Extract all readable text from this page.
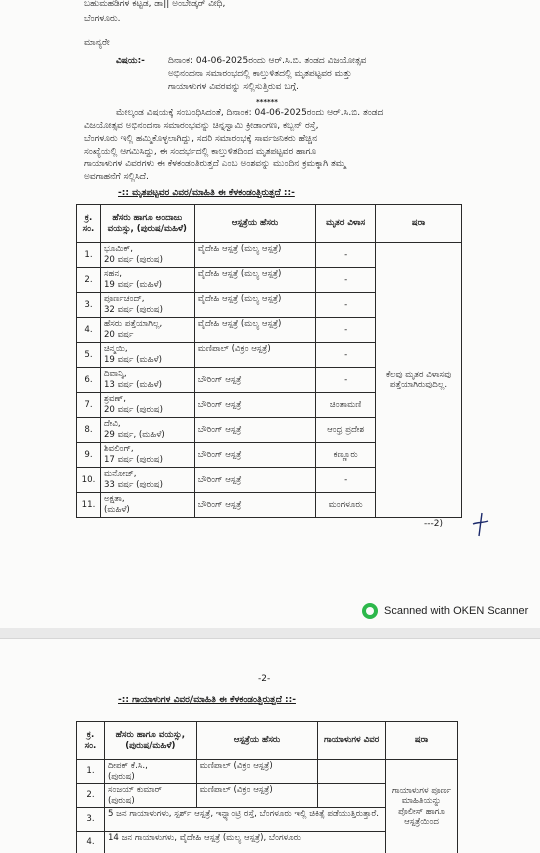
ಬಹುಮಹಡಿಗಳ ಕಟ್ಟಡ, ಡಾ|| ಅಂಬೇಡ್ಕರ್ ವೀಧಿ,
ಬೆಂಗಳೂರು.
ಮಾನ್ಯರೇ
ವಿಷಯ:-	ದಿನಾಂಕ: 04-06-2025ರಂದು ಆರ್.ಸಿ.ಬಿ. ತಂಡದ ವಿಜಯೋತ್ಸವ
ಅಭಿನಂದನಾ ಸಮಾರಂಭದಲ್ಲಿ ಕಾಲ್ತುಳಿತದಲ್ಲಿ ಮೃತಪಟ್ಟವರ ಮತ್ತು
ಗಾಯಾಳುಗಳ ವಿವರವನ್ನು ಸಲ್ಲಿಸುತ್ತಿರುವ ಬಗ್ಗೆ.
******
ಮೇಲ್ಕಂಡ ವಿಷಯಕ್ಕೆ ಸಂಬಂಧಿಸಿದಂತೆ, ದಿನಾಂಕ: 04-06-2025ರಂದು ಆರ್.ಸಿ.ಬಿ. ತಂಡದ
ವಿಜಯೋತ್ಸವ ಅಭಿನಂದನಾ ಸಮಾರಂಭವನ್ನು ಚಿನ್ನಸ್ವಾಮಿ ಕ್ರೀಡಾಂಗಣ, ಕಬ್ಬನ್ ರಸ್ತೆ,
ಬೆಂಗಳೂರು ಇಲ್ಲಿ ಹಮ್ಮಿಕೊಳ್ಳಲಾಗಿದ್ದು, ಸದರಿ ಸಮಾರಂಭಕ್ಕೆ ಸಾರ್ವಜನಿಕರು ಹೆಚ್ಚಿನ
ಸಂಖ್ಯೆಯಲ್ಲಿ ಆಗಮಿಸಿದ್ದು, ಈ ಸಂದರ್ಭದಲ್ಲಿ ಕಾಲ್ತುಳಿತದಿಂದ ಮೃತಪಟ್ಟವರ ಹಾಗೂ
ಗಾಯಾಳುಗಳ ವಿವರಗಳು ಈ ಕೆಳಕಂಡಂತಿರುತ್ತದೆ ಎಂಬ ಅಂಶವನ್ನು ಮುಂದಿನ ಕ್ರಮಕ್ಕಾಗಿ ತಮ್ಮ
ಅವಗಾಹನೆಗೆ ಸಲ್ಲಿಸಿದೆ.
-:: ಮೃತಪಟ್ಟವರ ವಿವರ/ಮಾಹಿತಿ ಈ ಕೆಳಕಂಡಂತ್ತಿರುತ್ತದೆ ::-
ಕ್ರ. ಸಂ.	ಹೆಸರು ಹಾಗೂ ಅಂದಾಜು ವಯಸ್ಸು, (ಪುರುಷ/ಮಹಿಳೆ)	ಆಸ್ಪತ್ರೆಯ ಹೆಸರು	ಮೃತರ ವಿಳಾಸ	ಷರಾ
1.	ಭೂಮಿಕ್,
20 ವರ್ಷ (ಪುರುಷ)	ವೈದೇಹಿ ಆಸ್ಪತ್ರೆ (ಮಲ್ಯ ಆಸ್ಪತ್ರೆ)	-	ಕೆಲವು ಮೃತರ ವಿಳಾಸವು ಪತ್ತೆಯಾಗಿರುವುದಿಲ್ಲ.
2.	ಸಹನ,
19 ವರ್ಷ (ಮಹಿಳೆ)	ವೈದೇಹಿ ಆಸ್ಪತ್ರೆ (ಮಲ್ಯ ಆಸ್ಪತ್ರೆ)	-	
3.	ಪೂರ್ಣಚಂದ್,
32 ವರ್ಷ (ಪುರುಷ)	ವೈದೇಹಿ ಆಸ್ಪತ್ರೆ (ಮಲ್ಯ ಆಸ್ಪತ್ರೆ)	-	
4.	ಹೆಸರು ಪತ್ತೆಯಾಗಿಲ್ಲ,
20 ವರ್ಷ	ವೈದೇಹಿ ಆಸ್ಪತ್ರೆ (ಮಲ್ಯ ಆಸ್ಪತ್ರೆ)	-	
5.	ಚಿನ್ಮಯಿ,
19 ವರ್ಷ (ಮಹಿಳೆ)	ಮಣಿಪಾಲ್ (ವಿಕ್ರಂ ಆಸ್ಪತ್ರೆ)	-	
6.	ದಿವಾನ್ಶಿ,
13 ವರ್ಷ (ಮಹಿಳೆ)	ಬೌರಿಂಗ್ ಆಸ್ಪತ್ರೆ	-	
7.	ಶ್ರವಣ್,
20 ವರ್ಷ (ಪುರುಷ)	ಬೌರಿಂಗ್ ಆಸ್ಪತ್ರೆ	ಚಿಂತಾಮಣಿ	
8.	ದೇವಿ,
29 ವರ್ಷ, (ಮಹಿಳೆ)	ಬೌರಿಂಗ್ ಆಸ್ಪತ್ರೆ	ಆಂಧ್ರ ಪ್ರದೇಶ	
9.	ಶಿವಲಿಂಗ್,
17 ವರ್ಷ (ಪುರುಷ)	ಬೌರಿಂಗ್ ಆಸ್ಪತ್ರೆ	ಕಣ್ಣೂರು	
10.	ಮನೋಜ್,
33 ವರ್ಷ (ಪುರುಷ)	ಬೌರಿಂಗ್ ಆಸ್ಪತ್ರೆ	-	
11.	ಅಕ್ಷತಾ,
(ಮಹಿಳೆ)	ಬೌರಿಂಗ್ ಆಸ್ಪತ್ರೆ	ಮಂಗಳೂರು	
---2)
Scanned with OKEN Scanner
-2-
-:: ಗಾಯಾಳುಗಳ ವಿವರ/ಮಾಹಿತಿ ಈ ಕೆಳಕಂಡಂತ್ತಿರುತ್ತದೆ ::-
ಕ್ರ. ಸಂ.	ಹೆಸರು ಹಾಗೂ ವಯಸ್ಸು, (ಪುರುಷ/ಮಹಿಳೆ)	ಆಸ್ಪತ್ರೆಯ ಹೆಸರು	ಗಾಯಾಳುಗಳ ವಿವರ	ಷರಾ
1.	ದೀಪಕ್ ಕೆ.ಸಿ.,
(ಪುರುಷ)	ಮಣಿಪಾಲ್ (ವಿಕ್ರಂ ಆಸ್ಪತ್ರೆ)		ಗಾಯಾಳುಗಳ ಪೂರ್ಣ ಮಾಹಿತಿಯನ್ನು ಪೊಲೀಸ್ ಹಾಗೂ ಆಸ್ಪತ್ರೆಯಿಂದ
2.	ಸಂಜಯ್ ಕುಮಾರ್
(ಪುರುಷ)	ಮಣಿಪಾಲ್ (ವಿಕ್ರಂ ಆಸ್ಪತ್ರೆ)		
3.	5 ಜನ ಗಾಯಾಳುಗಳು, ಸ್ಪರ್ಶ್ ಆಸ್ಪತ್ರೆ, ಇನ್ಫ್ಯಾಂಟ್ರಿ ರಸ್ತೆ, ಬೆಂಗಳೂರು ಇಲ್ಲಿ ಚಿಕಿತ್ಸೆ ಪಡೆಯುತ್ತಿರುತ್ತಾರೆ.			
4.	14 ಜನ ಗಾಯಾಳುಗಳು, ವೈದೇಹಿ ಆಸ್ಪತ್ರೆ (ಮಲ್ಯ ಆಸ್ಪತ್ರೆ), ಬೆಂಗಳೂರು			
